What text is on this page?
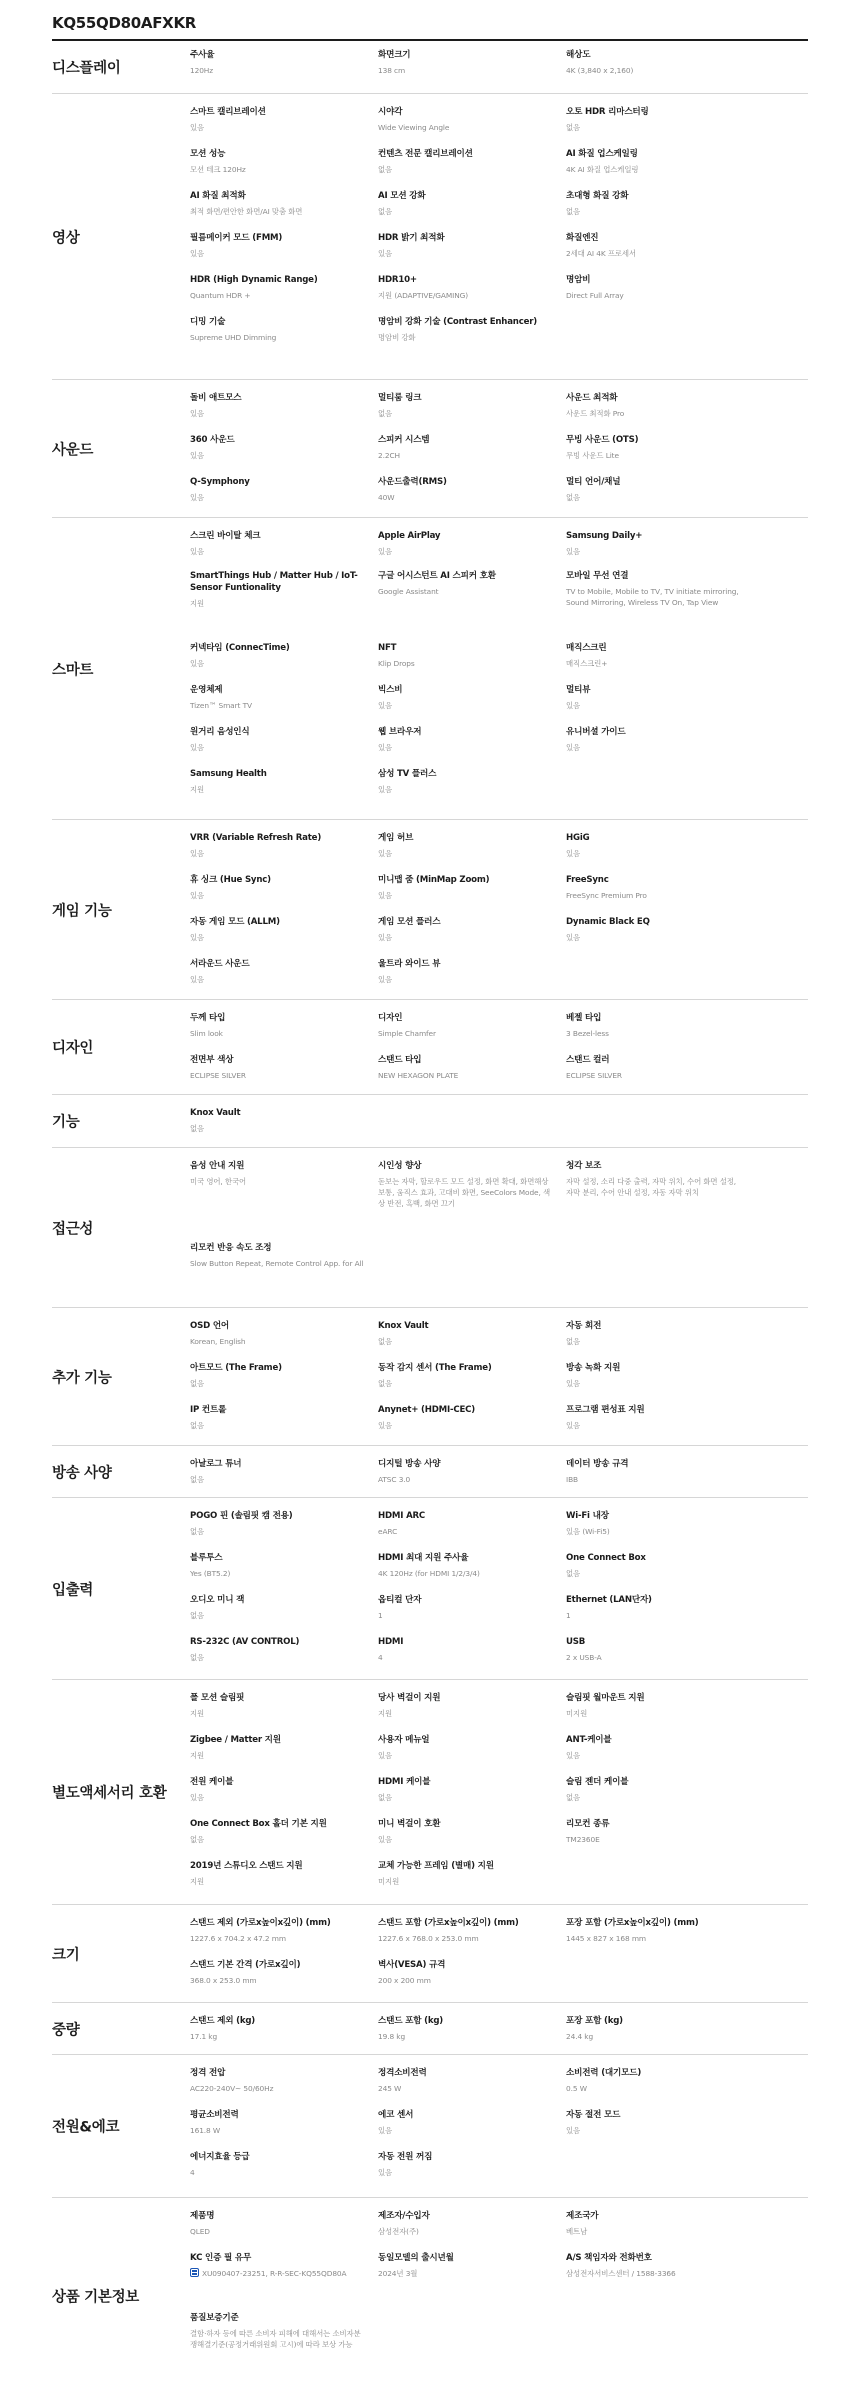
KQ55QD80AFXKR
디스플레이
주사율
120Hz
화면크기
138 cm
해상도
4K (3,840 x 2,160)
영상
스마트 캘리브레이션
있음
시야각
Wide Viewing Angle
오토 HDR 리마스터링
없음
모션 성능
모션 테크 120Hz
컨텐츠 전문 캘리브레이션
없음
AI 화질 업스케일링
4K AI 화질 업스케일링
AI 화질 최적화
최적 화면/편안한 화면/AI 맞춤 화면
AI 모션 강화
없음
초대형 화질 강화
없음
필름메이커 모드 (FMM)
있음
HDR 밝기 최적화
있음
화질엔진
2세대 AI 4K 프로세서
HDR (High Dynamic Range)
Quantum HDR +
HDR10+
지원 (ADAPTIVE/GAMING)
명암비
Direct Full Array
디밍 기술
Supreme UHD Dimming
명암비 강화 기술 (Contrast Enhancer)
명암비 강화
사운드
돌비 애트모스
있음
멀티룸 링크
없음
사운드 최적화
사운드 최적화 Pro
360 사운드
있음
스피커 시스템
2.2CH
무빙 사운드 (OTS)
무빙 사운드 Lite
Q-Symphony
있음
사운드출력(RMS)
40W
멀티 언어/채널
없음
스마트
스크린 바이탈 체크
있음
Apple AirPlay
있음
Samsung Daily+
있음
SmartThings Hub / Matter Hub / IoT-Sensor Funtionality
지원
구글 어시스턴트 AI 스피커 호환
Google Assistant
모바일 무선 연결
TV to Mobile, Mobile to TV, TV initiate mirroring, Sound Mirroring, Wireless TV On, Tap View
커넥타임 (ConnecTime)
있음
NFT
Klip Drops
매직스크린
매직스크린+
운영체제
Tizen™ Smart TV
빅스비
있음
멀티뷰
있음
원거리 음성인식
있음
웹 브라우저
있음
유니버셜 가이드
있음
Samsung Health
지원
삼성 TV 플러스
있음
게임 기능
VRR (Variable Refresh Rate)
있음
게임 허브
있음
HGiG
있음
휴 싱크 (Hue Sync)
있음
미니맵 줌 (MinMap Zoom)
있음
FreeSync
FreeSync Premium Pro
자동 게임 모드 (ALLM)
있음
게임 모션 플러스
있음
Dynamic Black EQ
있음
서라운드 사운드
있음
울트라 와이드 뷰
있음
디자인
두께 타입
Slim look
디자인
Simple Chamfer
베젤 타입
3 Bezel-less
전면부 색상
ECLIPSE SILVER
스탠드 타입
NEW HEXAGON PLATE
스탠드 컬러
ECLIPSE SILVER
기능
Knox Vault
없음
접근성
음성 안내 지원
미국 영어, 한국어
시인성 향상
돋보는 자막, 할로우드 모드 설정, 화면 확대, 화면해상 보통, 움직스 효과, 고대비 화면, SeeColors Mode, 색상 반전, 흑백, 화면 끄기
청각 보조
자막 설정, 소리 다중 출력, 자막 위치, 수어 화면 설정, 자막 분리, 수어 안내 설정, 자동 자막 위치
리모컨 반응 속도 조정
Slow Button Repeat, Remote Control App. for All
추가 기능
OSD 언어
Korean, English
Knox Vault
없음
자동 회전
없음
아트모드 (The Frame)
없음
동작 감지 센서 (The Frame)
없음
방송 녹화 지원
있음
IP 컨트롤
없음
Anynet+ (HDMI-CEC)
있음
프로그램 편성표 지원
있음
방송 사양
아날로그 튜너
없음
디지털 방송 사양
ATSC 3.0
데이터 방송 규격
IBB
입출력
POGO 핀 (솔림핏 캠 전용)
없음
HDMI ARC
eARC
Wi-Fi 내장
있음 (Wi-Fi5)
블루투스
Yes (BT5.2)
HDMI 최대 지원 주사율
4K 120Hz (for HDMI 1/2/3/4)
One Connect Box
없음
오디오 미니 잭
없음
옵티컬 단자
1
Ethernet (LAN단자)
1
RS-232C (AV CONTROL)
없음
HDMI
4
USB
2 x USB-A
별도액세서리 호환
폴 모션 슬림핏
지원
당사 벽걸이 지원
지원
슬림핏 월마운트 지원
미지원
Zigbee / Matter 지원
지원
사용자 메뉴얼
있음
ANT-케이블
있음
전원 케이블
있음
HDMI 케이블
없음
슬림 젠더 케이블
없음
One Connect Box 홀더 기본 지원
없음
미니 벽걸이 호환
있음
리모컨 종류
TM2360E
2019년 스튜디오 스탠드 지원
지원
교체 가능한 프레임 (별매) 지원
미지원
크기
스탠드 제외 (가로x높이x깊이) (mm)
1227.6 x 704.2 x 47.2 mm
스탠드 포함 (가로x높이x깊이) (mm)
1227.6 x 768.0 x 253.0 mm
포장 포함 (가로x높이x깊이) (mm)
1445 x 827 x 168 mm
스탠드 기본 간격 (가로x깊이)
368.0 x 253.0 mm
벽사(VESA) 규격
200 x 200 mm
중량
스탠드 제외 (kg)
17.1 kg
스탠드 포함 (kg)
19.8 kg
포장 포함 (kg)
24.4 kg
전원&에코
정격 전압
AC220-240V~ 50/60Hz
정격소비전력
245 W
소비전력 (대기모드)
0.5 W
평균소비전력
161.8 W
에코 센서
있음
자동 절전 모드
있음
에너지효율 등급
4
자동 전원 꺼짐
있음
상품 기본정보
제품명
QLED
제조자/수입자
삼성전자(주)
제조국가
베트남
KC 인증 필 유무
XU090407-23251, R-R-SEC-KQ55QD80A
동일모델의 출시년월
2024년 3월
A/S 책임자와 전화번호
삼성전자서비스센터 / 1588-3366
품질보증기준
결함·하자 등에 따른 소비자 피해에 대해서는 소비자분쟁해결기준(공정거래위원회 고시)에 따라 보상 가능
